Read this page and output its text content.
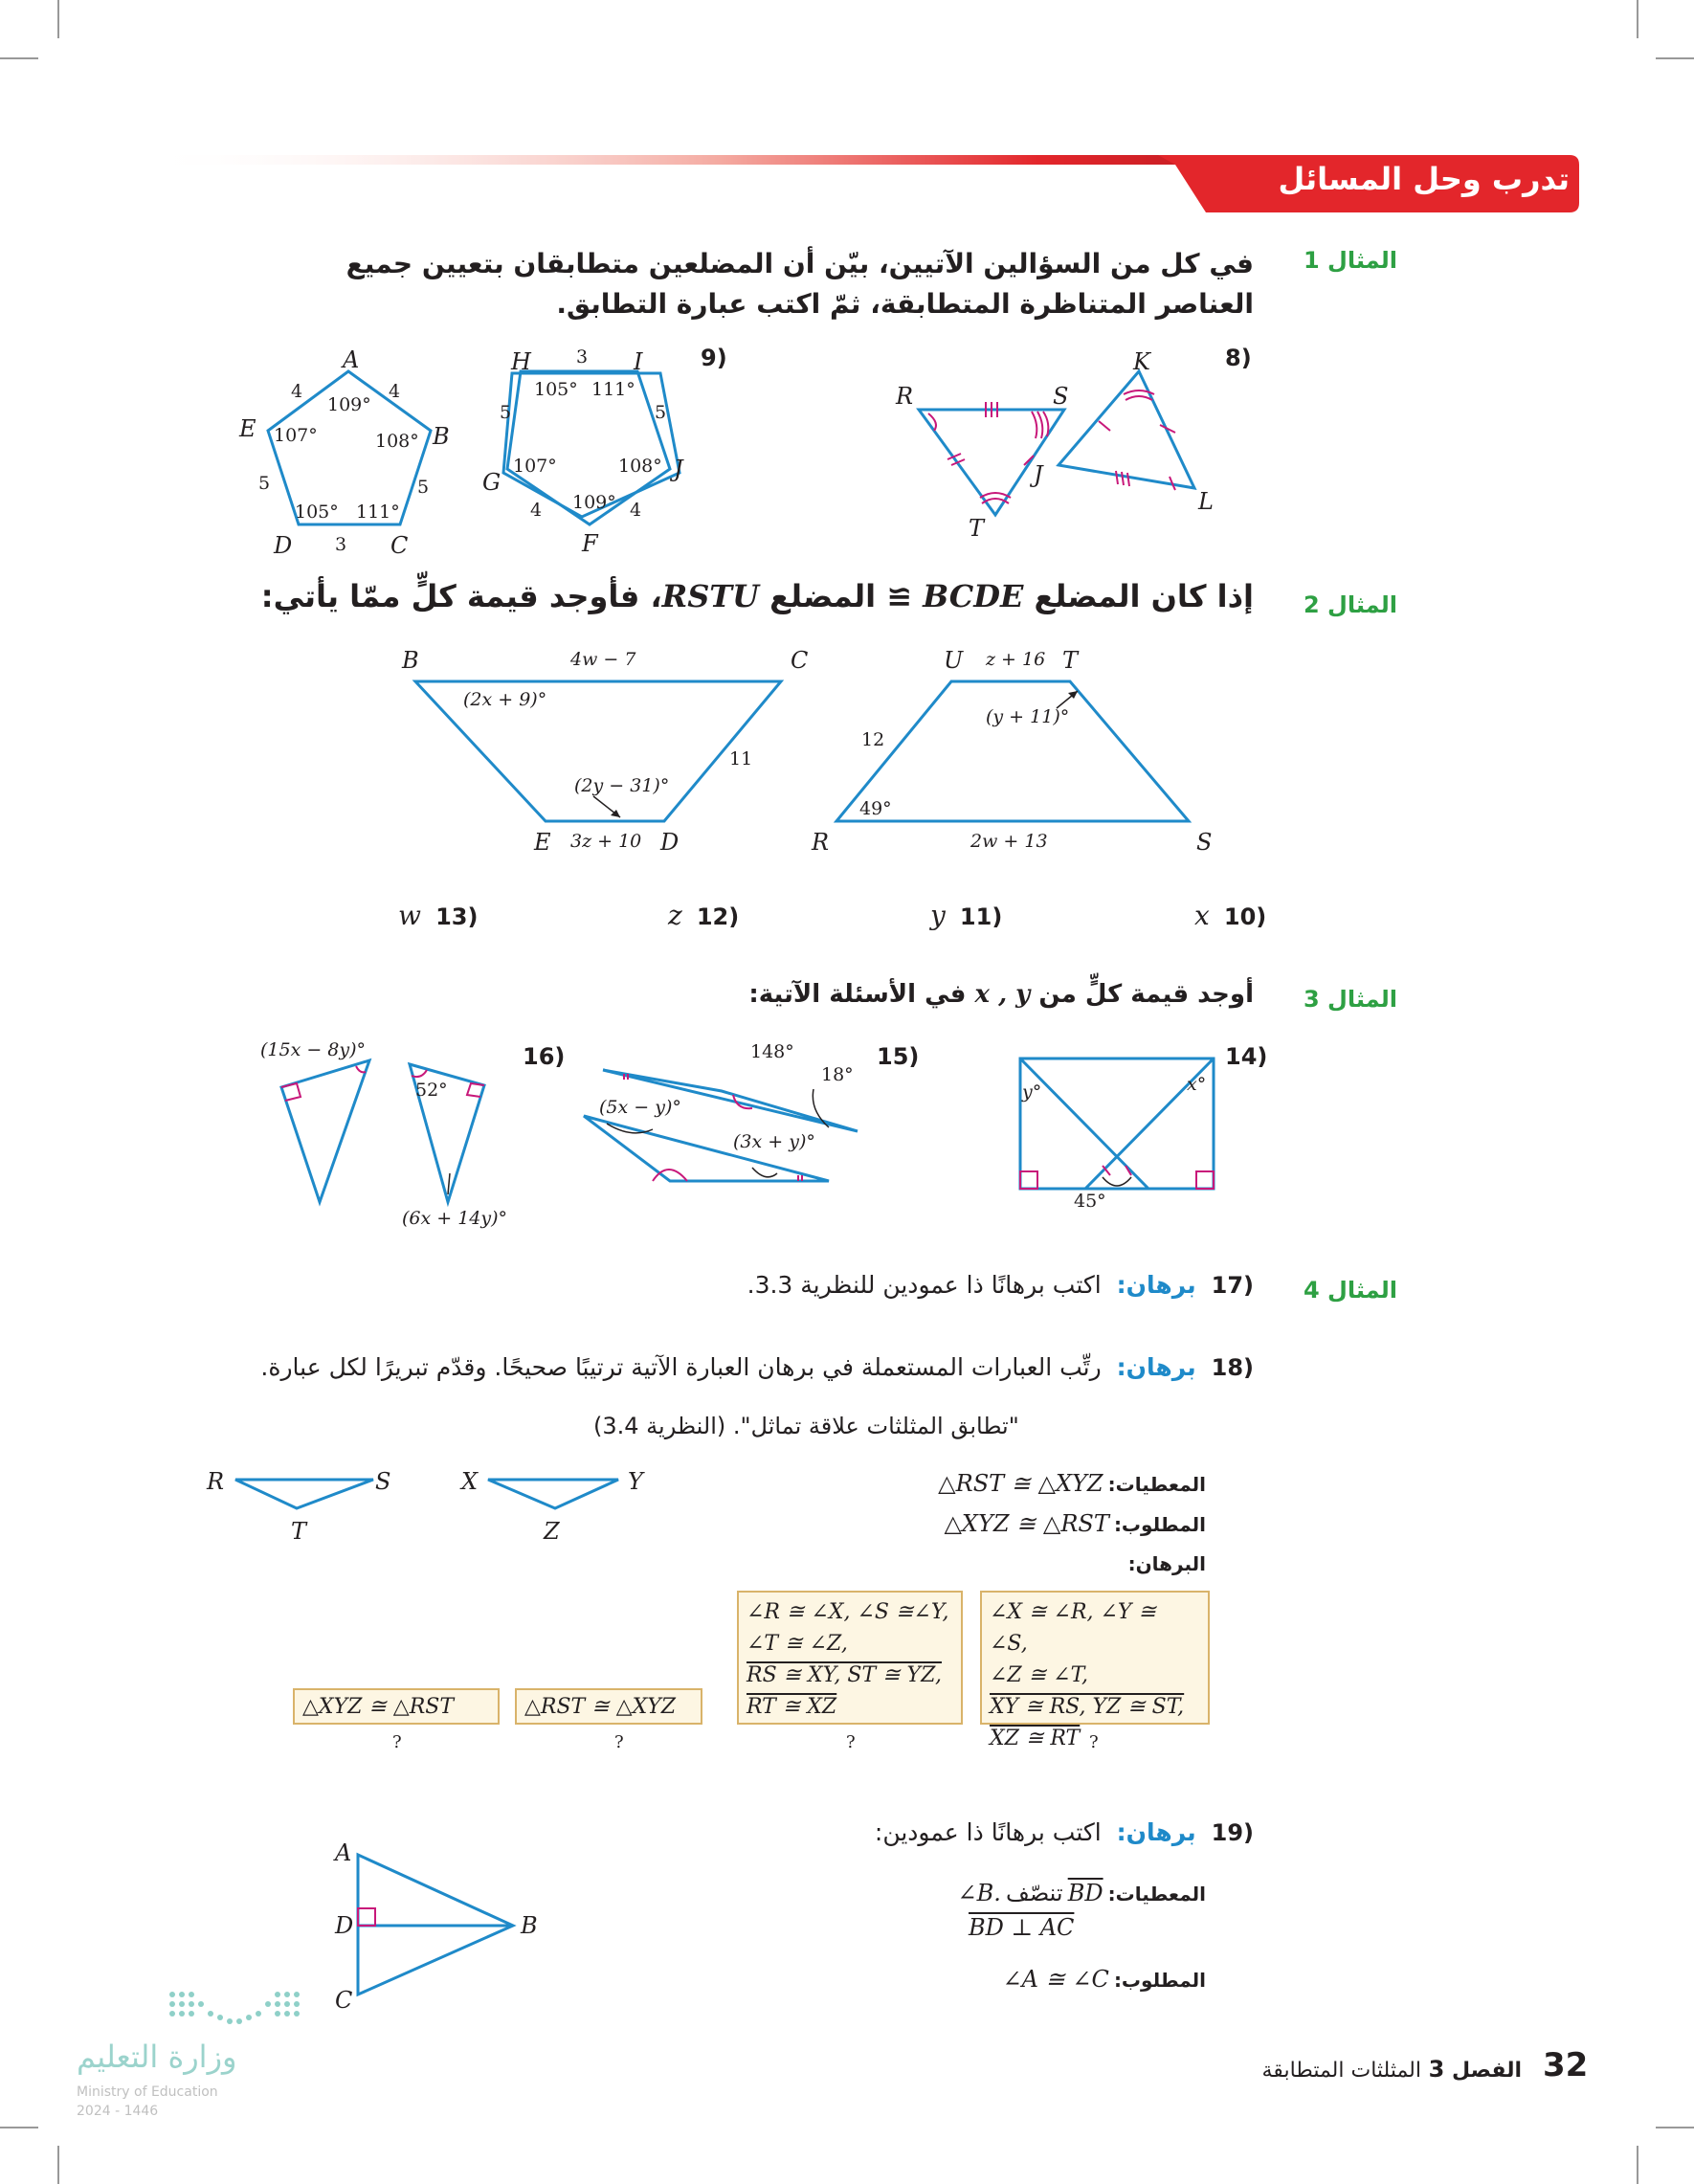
تدرب وحل المسائل
المثال 1
في كل من السؤالين الآتيين، بيّن أن المضلعين متطابقان بتعيين جميع العناصر المتناظرة المتطابقة، ثمّ اكتب عبارة التطابق.
8)
9)
R	S
T
K
J
L
A
B
C
D
E
4	4
5	5
3
109°
108°
111°
105°
107°
H	I
J
F
G
3
5	5
4	4
105° 111°
108°
109°
107°
المثال 2
إذا كان المضلع BCDE ≅ المضلع RSTU، فأوجد قيمة كلٍّ ممّا يأتي:
B	C
D
E
4w − 7
3z + 10
11
(2x + 9)°
(2y − 31)°
U	T
R	S
z + 16
2w + 13
12
(y + 11)°
49°
x 10)
y 11)
z 12)
w 13)
المثال 3
أوجد قيمة كلٍّ من x , y في الأسئلة الآتية:
14)
15)
16)
x°
y°
45°
148°
18°
(5x − y)°
(3x + y)°
(15x − 8y)°
52°
(6x + 14y)°
المثال 4
17) برهان: اكتب برهانًا ذا عمودين للنظرية 3.3.
18) برهان: رتِّب العبارات المستعملة في برهان العبارة الآتية ترتيبًا صحيحًا. وقدّم تبريرًا لكل عبارة.
"تطابق المثلثات علاقة تماثل". (النظرية 3.4)
R	S
T
X	Y
Z
المعطيات: △RST ≅ △XYZ
المطلوب: △XYZ ≅ △RST
البرهان:
∠X ≅ ∠R, ∠Y ≅ ∠S,
∠Z ≅ ∠T,
XY ≅ RS, YZ ≅ ST,
XZ ≅ RT
∠R ≅ ∠X, ∠S ≅∠Y,
∠T ≅ ∠Z,
RS ≅ XY, ST ≅ YZ,
RT ≅ XZ
△RST ≅ △XYZ
△XYZ ≅ △RST
?
?
?
?
19) برهان: اكتب برهانًا ذا عمودين:
المعطيات: $\overline{BD}$ تنصّف ∠B.
BD ⊥ AC
المطلوب: ∠A ≅ ∠C
A
D	B
C
وزارة التعليم
Ministry of Education
2024 - 1446
الفصل 3 المثلثات المتطابقة	32
